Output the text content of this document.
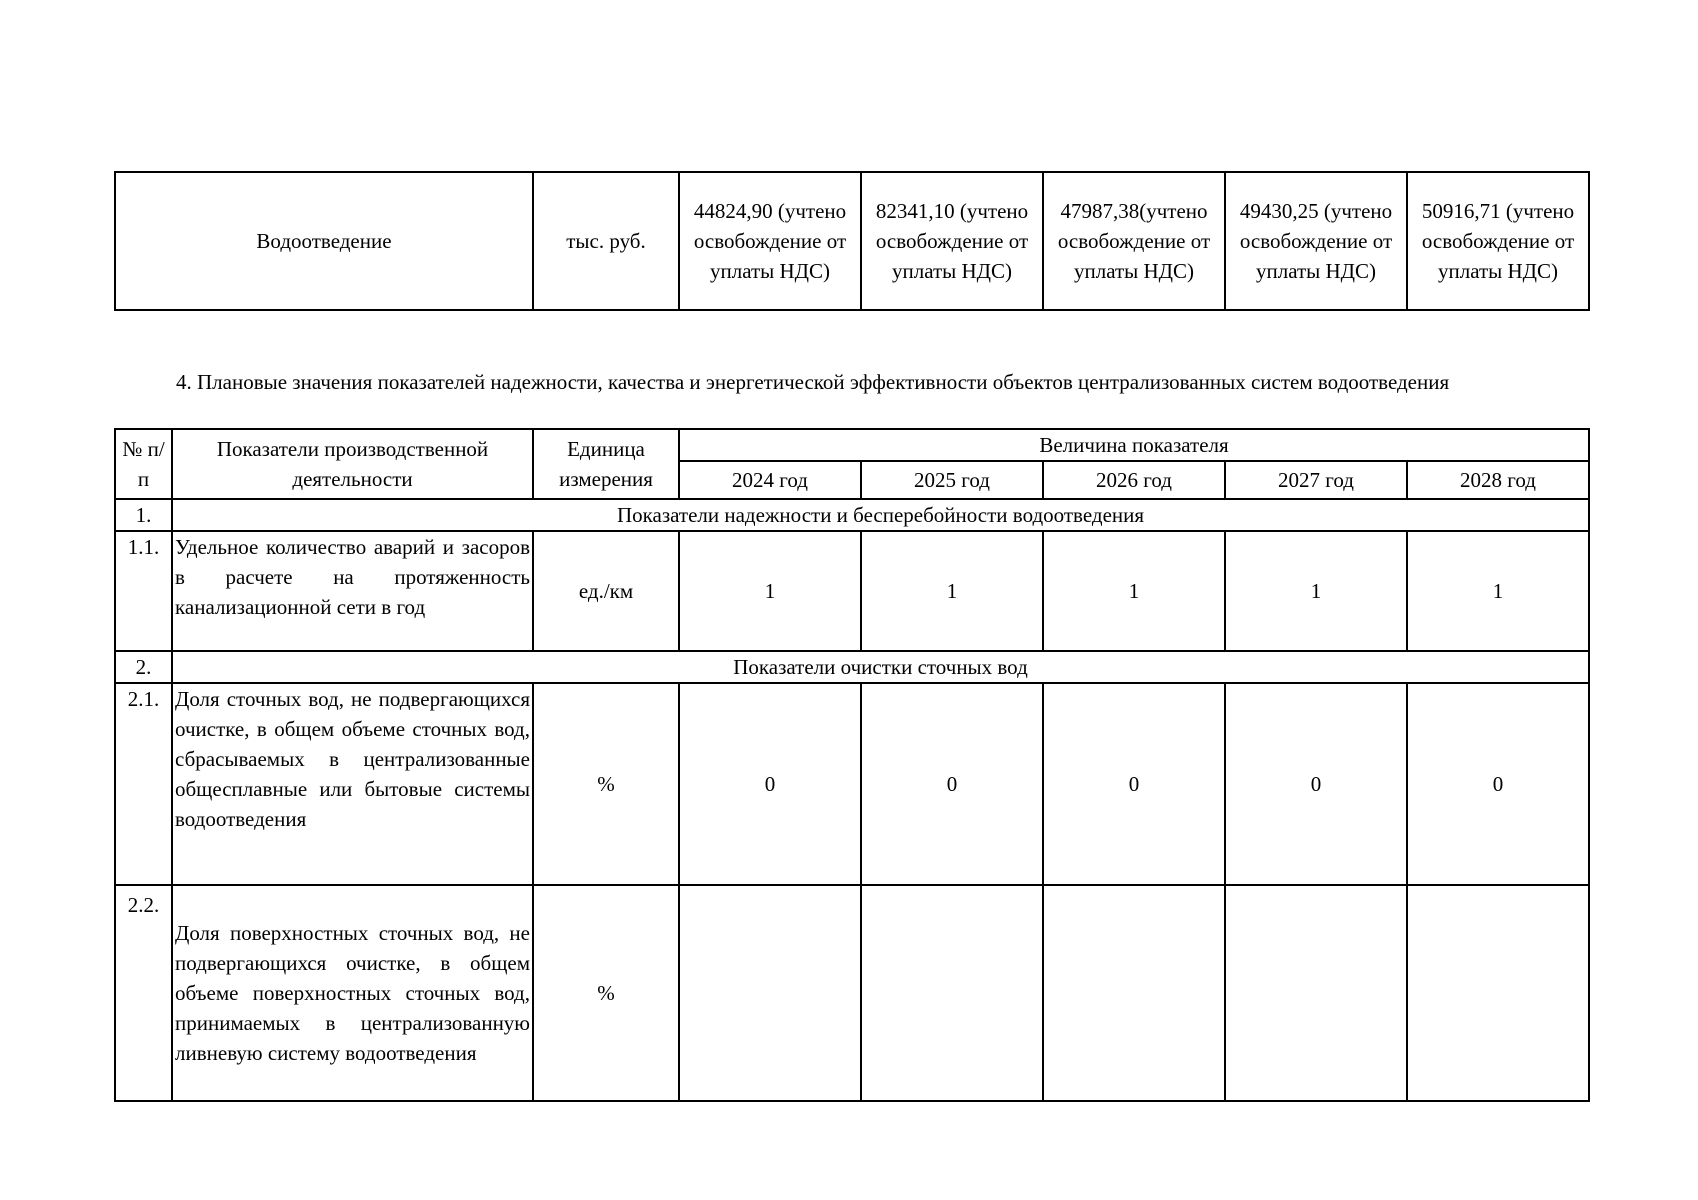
Водоотведение	тыс. руб.	44824,90 (учтено освобождение от уплаты НДС)	82341,10 (учтено освобождение от уплаты НДС)	47987,38(учтено освобождение от уплаты НДС)	49430,25 (учтено освобождение от уплаты НДС)	50916,71 (учтено освобождение от уплаты НДС)

4. Плановые значения показателей надежности, качества и энергетической эффективности объектов централизованных систем водоотведения

№ п/п	Показатели производственной деятельности	Единица измерения	Величина показателя				
			2024 год	2025 год	2026 год	2027 год	2028 год
1.	Показатели надежности и бесперебойности водоотведения						
1.1.	Удельное количество аварий и засоров в расчете на протяженность канализационной сети в год	ед./км	1	1	1	1	1
2.	Показатели очистки сточных вод						
2.1.	Доля сточных вод, не подвергающихся очистке, в общем объеме сточных вод, сбрасываемых в централизованные общесплавные или бытовые системы водоотведения	%	0	0	0	0	0
2.2.	Доля поверхностных сточных вод, не подвергающихся очистке, в общем объеме поверхностных сточных вод, принимаемых в централизованную ливневую систему водоотведения	%					
